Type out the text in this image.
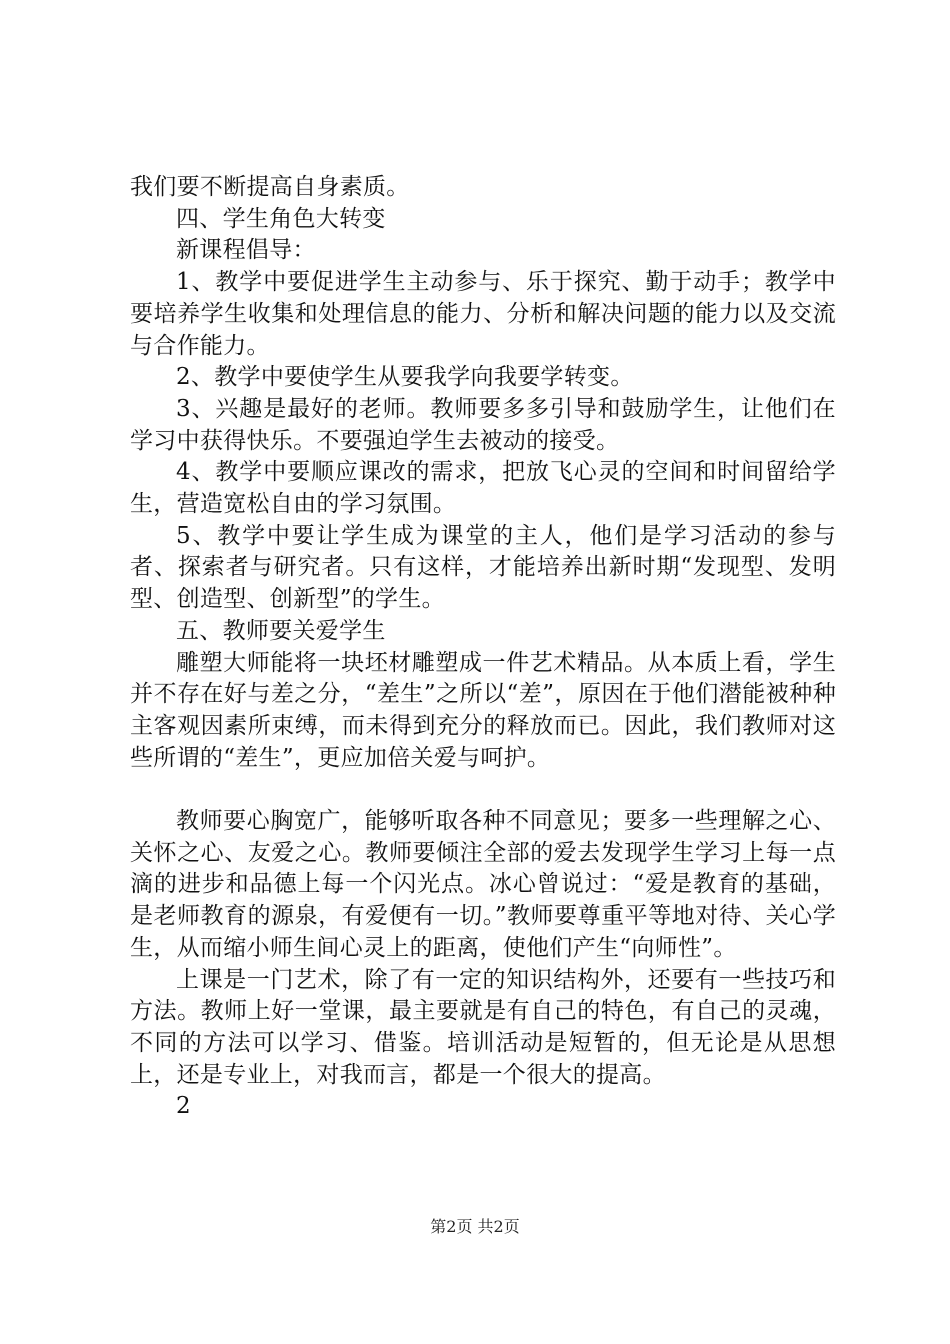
我们要不断提高自身素质。

四、学生角色大转变

新课程倡导：

1、教学中要促进学生主动参与、乐于探究、勤于动手；教学中要培养学生收集和处理信息的能力、分析和解决问题的能力以及交流与合作能力。

2、教学中要使学生从要我学向我要学转变。

3、兴趣是最好的老师。教师要多多引导和鼓励学生，让他们在学习中获得快乐。不要强迫学生去被动的接受。

4、教学中要顺应课改的需求，把放飞心灵的空间和时间留给学生，营造宽松自由的学习氛围。

5、教学中要让学生成为课堂的主人，他们是学习活动的参与者、探索者与研究者。只有这样，才能培养出新时期“发现型、发明型、创造型、创新型”的学生。

五、教师要关爱学生

雕塑大师能将一块坯材雕塑成一件艺术精品。从本质上看，学生并不存在好与差之分，“差生”之所以“差”，原因在于他们潜能被种种主客观因素所束缚，而未得到充分的释放而已。因此，我们教师对这些所谓的“差生”，更应加倍关爱与呵护。

教师要心胸宽广，能够听取各种不同意见；要多一些理解之心、关怀之心、友爱之心。教师要倾注全部的爱去发现学生学习上每一点滴的进步和品德上每一个闪光点。冰心曾说过：“爱是教育的基础，是老师教育的源泉，有爱便有一切。”教师要尊重平等地对待、关心学生，从而缩小师生间心灵上的距离，使他们产生“向师性”。

上课是一门艺术，除了有一定的知识结构外，还要有一些技巧和方法。教师上好一堂课，最主要就是有自己的特色，有自己的灵魂，不同的方法可以学习、借鉴。培训活动是短暂的，但无论是从思想上，还是专业上，对我而言，都是一个很大的提高。

2

第2页 共2页
